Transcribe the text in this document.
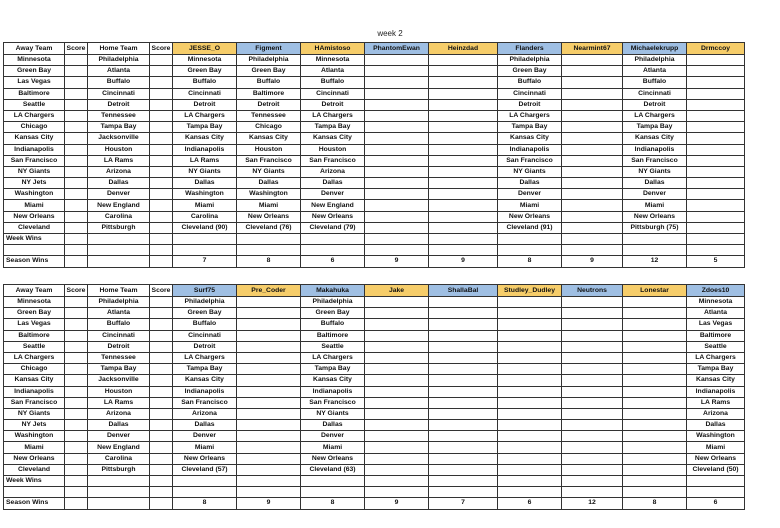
week 2
Away Team	Score	Home Team	Score	JESSE_O	Figment	HAmistoso	PhantomEwan	Heinzdad	Flanders	Nearmint67	Michaelekrupp	Drmccoy
Minnesota		Philadelphia		Minnesota	Philadelphia	Minnesota			Philadelphia		Philadelphia	
Green Bay		Atlanta		Green Bay	Green Bay	Atlanta			Green Bay		Atlanta	
Las Vegas		Buffalo		Buffalo	Buffalo	Buffalo			Buffalo		Buffalo	
Baltimore		Cincinnati		Cincinnati	Baltimore	Cincinnati			Cincinnati		Cincinnati	
Seattle		Detroit		Detroit	Detroit	Detroit			Detroit		Detroit	
LA Chargers		Tennessee		LA Chargers	Tennessee	LA Chargers			LA Chargers		LA Chargers	
Chicago		Tampa Bay		Tampa Bay	Chicago	Tampa Bay			Tampa Bay		Tampa Bay	
Kansas City		Jacksonville		Kansas City	Kansas City	Kansas City			Kansas City		Kansas City	
Indianapolis		Houston		Indianapolis	Houston	Houston			Indianapolis		Indianapolis	
San Francisco		LA Rams		LA Rams	San Francisco	San Francisco			San Francisco		San Francisco	
NY Giants		Arizona		NY Giants	NY Giants	Arizona			NY Giants		NY Giants	
NY Jets		Dallas		Dallas	Dallas	Dallas			Dallas		Dallas	
Washington		Denver		Washington	Washington	Denver			Denver		Denver	
Miami		New England		Miami	Miami	New England			Miami		Miami	
New Orleans		Carolina		Carolina	New Orleans	New Orleans			New Orleans		New Orleans	
Cleveland		Pittsburgh		Cleveland (90)	Cleveland (76)	Cleveland (79)			Cleveland (91)		Pittsburgh (75)	
Week Wins												

Season Wins				7	8	6	9	9	8	9	12	5
Away Team	Score	Home Team	Score	Surf75	Pre_Coder	Makahuka	Jake	ShallaBal	Studley_Dudley	Neutrons	Lonestar	Zdoes10
Minnesota		Philadelphia		Philadelphia		Philadelphia						Minnesota
Green Bay		Atlanta		Green Bay		Green Bay						Atlanta
Las Vegas		Buffalo		Buffalo		Buffalo						Las Vegas
Baltimore		Cincinnati		Cincinnati		Baltimore						Baltimore
Seattle		Detroit		Detroit		Seattle						Seattle
LA Chargers		Tennessee		LA Chargers		LA Chargers						LA Chargers
Chicago		Tampa Bay		Tampa Bay		Tampa Bay						Tampa Bay
Kansas City		Jacksonville		Kansas City		Kansas City						Kansas City
Indianapolis		Houston		Indianapolis		Indianapolis						Indianapolis
San Francisco		LA Rams		San Francisco		San Francisco						LA Rams
NY Giants		Arizona		Arizona		NY Giants						Arizona
NY Jets		Dallas		Dallas		Dallas						Dallas
Washington		Denver		Denver		Denver						Washington
Miami		New England		Miami		Miami						Miami
New Orleans		Carolina		New Orleans		New Orleans						New Orleans
Cleveland		Pittsburgh		Cleveland (57)		Cleveland (63)						Cleveland (50)
Week Wins												

Season Wins				8	9	8	9	7	6	12	8	6
